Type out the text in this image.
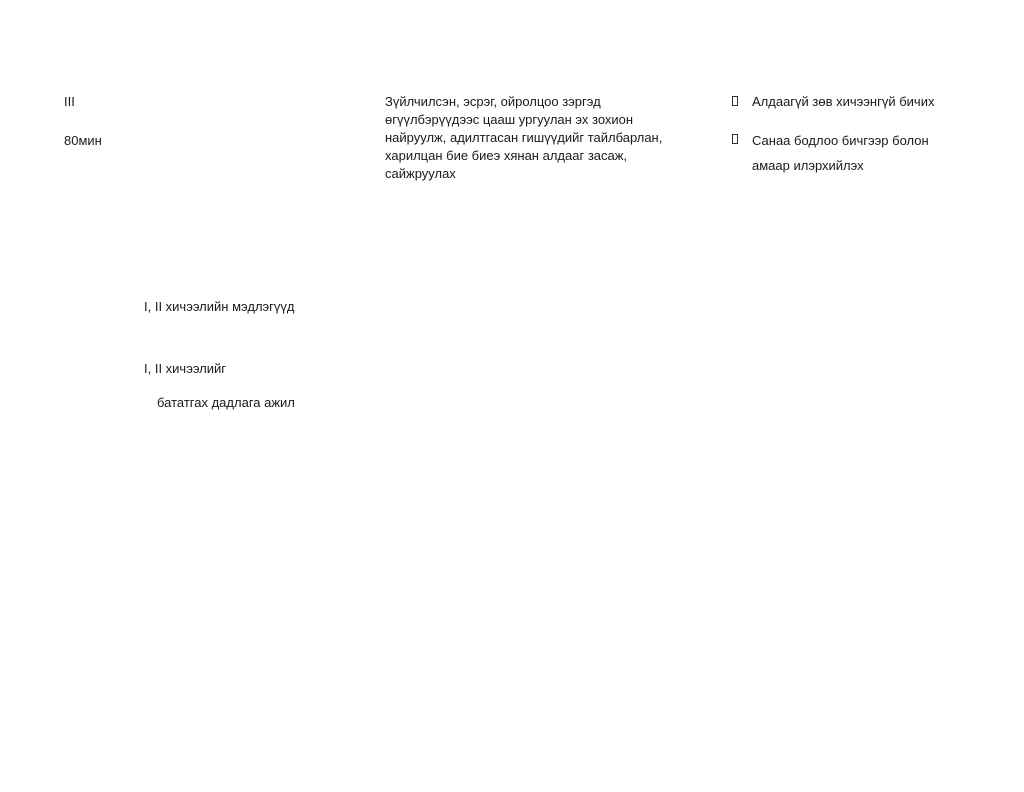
III
80мин
I, II хичээлийн мэдлэгүүд
I, II хичээлийг
бататгах дадлага ажил
Зүйлчилсэн, эсрэг, ойролцоо зэргэд
өгүүлбэрүүдээс цааш ургуулан эх зохион
найруулж, адилтгасан гишүүдийг тайлбарлан,
харилцан бие биеэ хянан алдааг засаж,
сайжруулах
Алдаагүй зөв хичээнгүй бичих
Санаа бодлоо бичгээр болон
амаар илэрхийлэх
